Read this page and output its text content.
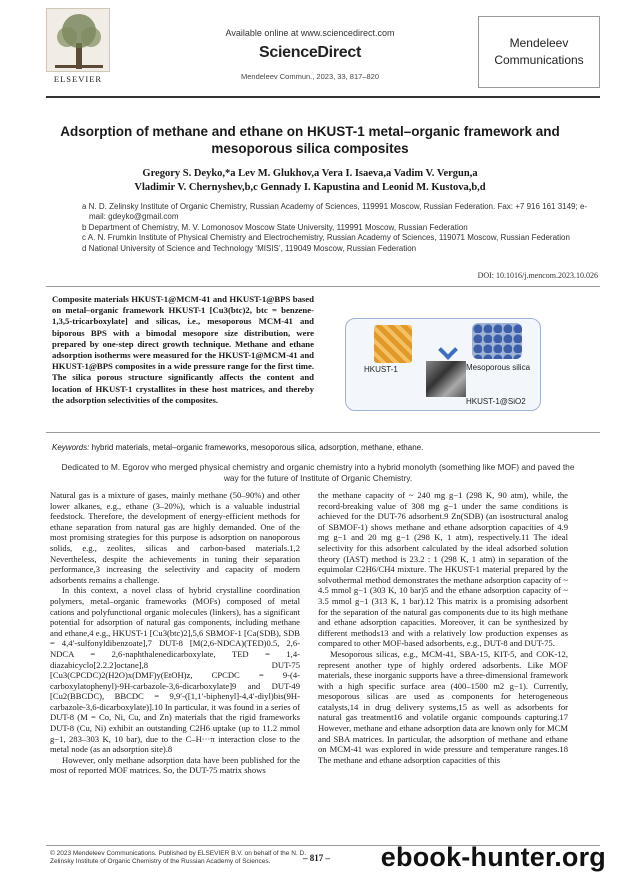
ELSEVIER
Available online at www.sciencedirect.com
ScienceDirect
Mendeleev Commun., 2023, 33, 817–820
Mendeleev
Communications
Adsorption of methane and ethane on HKUST-1 metal–organic framework and mesoporous silica composites
Gregory S. Deyko,*a Lev M. Glukhov,a Vera I. Isaeva,a Vadim V. Vergun,a
Vladimir V. Chernyshev,b,c Gennady I. Kapustina and Leonid M. Kustova,b,d
a N. D. Zelinsky Institute of Organic Chemistry, Russian Academy of Sciences, 119991 Moscow, Russian Federation. Fax: +7 916 161 3149; e-mail: gdeyko@gmail.com
b Department of Chemistry, M. V. Lomonosov Moscow State University, 119991 Moscow, Russian Federation
c A. N. Frumkin Institute of Physical Chemistry and Electrochemistry, Russian Academy of Sciences, 119071 Moscow, Russian Federation
d National University of Science and Technology ‘MISIS’, 119049 Moscow, Russian Federation
DOI: 10.1016/j.mencom.2023.10.026

Composite materials HKUST-1@MCM-41 and HKUST-1@BPS based on metal–organic framework HKUST-1 [Cu3(btc)2, btc = benzene-1,3,5-tricarboxylate] and silicas, i.e., mesoporous MCM-41 and biporous BPS with a bimodal mesopore size distribution, were prepared by one-step direct growth technique. Methane and ethane adsorption isotherms were measured for the HKUST-1@MCM-41 and HKUST-1@BPS composites in a wide pressure range for the first time. The silica porous structure significantly affects the content and location of HKUST-1 crystallites in these host matrices, and thereby the adsorption selectivities of the composites.

HKUST-1	Mesoporous silica
HKUST-1@SiO2
Keywords: hybrid materials, metal–organic frameworks, mesoporous silica, adsorption, methane, ethane.
Dedicated to M. Egorov who merged physical chemistry and organic chemistry into a hybrid monolyth (something like MOF) and paved the way for the future of Institute of Organic Chemistry.

Natural gas is a mixture of gases, mainly methane (50–90%) and other lower alkanes, e.g., ethane (3–20%), which is a valuable industrial feedstock. Therefore, the development of energy-efficient methods for ethane separation from natural gas are highly demanded. One of the most promising strategies for this purpose is adsorption on nanoporous solids, e.g., zeolites, silicas and carbon-based materials.1,2 Nevertheless, despite the achievements in tuning their separation performance,3 increasing the selectivity and capacity of modern adsorbents remains a challenge.

In this context, a novel class of hybrid crystalline coordination polymers, metal–organic frameworks (MOFs) composed of metal cations and polyfunctional organic molecules (linkers), has a significant potential for adsorption of natural gas components, including methane and ethane,4 e.g., HKUST-1 [Cu3(btc)2],5,6 SBMOF-1 [Ca(SDB), SDB = 4,4′-sulfonyldibenzoate],7 DUT-8 [M(2,6-NDCA)(TED)0.5, 2,6-NDCA = 2,6-naphthalenedicarboxylate, TED = 1,4-diazabicyclo[2.2.2]octane],8 DUT-75 [Cu3(CPCDC)2(H2O)x(DMF)y(EtOH)z, CPCDC = 9-(4-carboxylatophenyl)-9H-carbazole-3,6-dicarboxylate]9 and DUT-49 [Cu2(BBCDC), BBCDC = 9,9′-([1,1′-biphenyl]-4,4′-diyl)bis(9H-carbazole-3,6-dicarboxylate)].10 In particular, it was found in a series of DUT-8 (M = Co, Ni, Cu, and Zn) materials that the rigid frameworks DUT-8 (Cu, Ni) exhibit an outstanding C2H6 uptake (up to 11.2 mmol g−1, 283–303 K, 10 bar), due to the C–H···π interaction close to the metal node (as an adsorption site).8

However, only methane adsorption data have been published for the most of reported MOF matrices. So, the DUT-75 matrix shows

the methane capacity of ~ 240 mg g−1 (298 K, 90 atm), while, the record-breaking value of 308 mg g−1 under the same conditions is achieved for the DUT-76 adsorbent.9 Zn(SDB) (an isostructural analog of SBMOF-1) shows methane and ethane adsorption capacities of 4.9 mg g−1 and 20 mg g−1 (298 K, 1 atm), respectively.11 The ideal selectivity for this adsorbent calculated by the ideal adsorbed solution theory (IAST) method is 23.2 : 1 (298 K, 1 atm) in separation of the equimolar C2H6/CH4 mixture. The HKUST-1 material prepared by the solvothermal method demonstrates the methane adsorption capacity of ~ 4.5 mmol g−1 (303 K, 10 bar)5 and the ethane adsorption capacity of ~ 3.5 mmol g−1 (313 K, 1 bar).12 This matrix is a promising adsorbent for the separation of the natural gas components due to its high methane and ethane adsorption capacities. Moreover, it can be synthesized by different methods13 and with a relatively low production expenses as compared to other MOF-based adsorbents, e.g., DUT-8 and DUT-75.

Mesoporous silicas, e.g., MCM-41, SBA-15, KIT-5, and COK-12, represent another type of highly ordered adsorbents. Like MOF materials, these inorganic supports have a three-dimensional framework with a high specific surface area (400–1500 m2 g−1). Currently, mesoporous silicas are used as components for heterogeneous catalysts,14 in drug delivery systems,15 as well as adsorbents for natural gas treatment16 and volatile organic compounds capturing.17 However, methane and ethane adsorption data are known only for MCM and SBA matrices. In particular, the adsorption of methane and ethane on MCM-41 was explored in wide pressure and temperature ranges.18 The methane and ethane adsorption capacities of this

© 2023 Mendeleev Communications. Published by ELSEVIER B.V. on behalf of the N. D. Zelinsky Institute of Organic Chemistry of the Russian Academy of Sciences.	– 817 –	ebook-hunter.org
